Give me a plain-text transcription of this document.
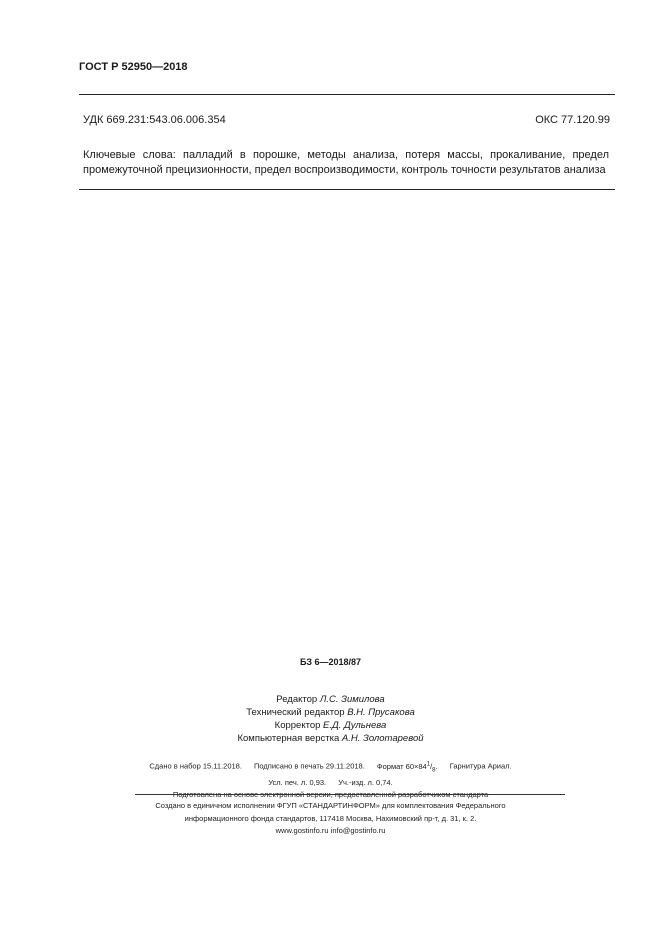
ГОСТ Р 52950—2018
УДК 669.231:543.06.006.354	ОКС 77.120.99
Ключевые слова: палладий в порошке, методы анализа, потеря массы, прокаливание, предел промежуточной прецизионности, предел воспроизводимости, контроль точности результатов анализа
БЗ 6—2018/87
Редактор Л.С. Зимилова
Технический редактор В.Н. Прусакова
Корректор Е.Д. Дульнева
Компьютерная верстка А.Н. Золотаревой
Сдано в набор 15.11.2018. Подписано в печать 29.11.2018. Формат $60\times 84^1/_8$. Гарнитура Ариал.
Усл. печ. л. 0,93. Уч.-изд. л. 0,74.
Создано в единичном исполнении ФГУП «СТАНДАРТИНФОРМ» для комплектования Федерального
информационного фонда стандартов, 117418 Москва, Нахимовский пр-т, д. 31, к. 2.
www.gostinfo.ru info@gostinfo.ru
